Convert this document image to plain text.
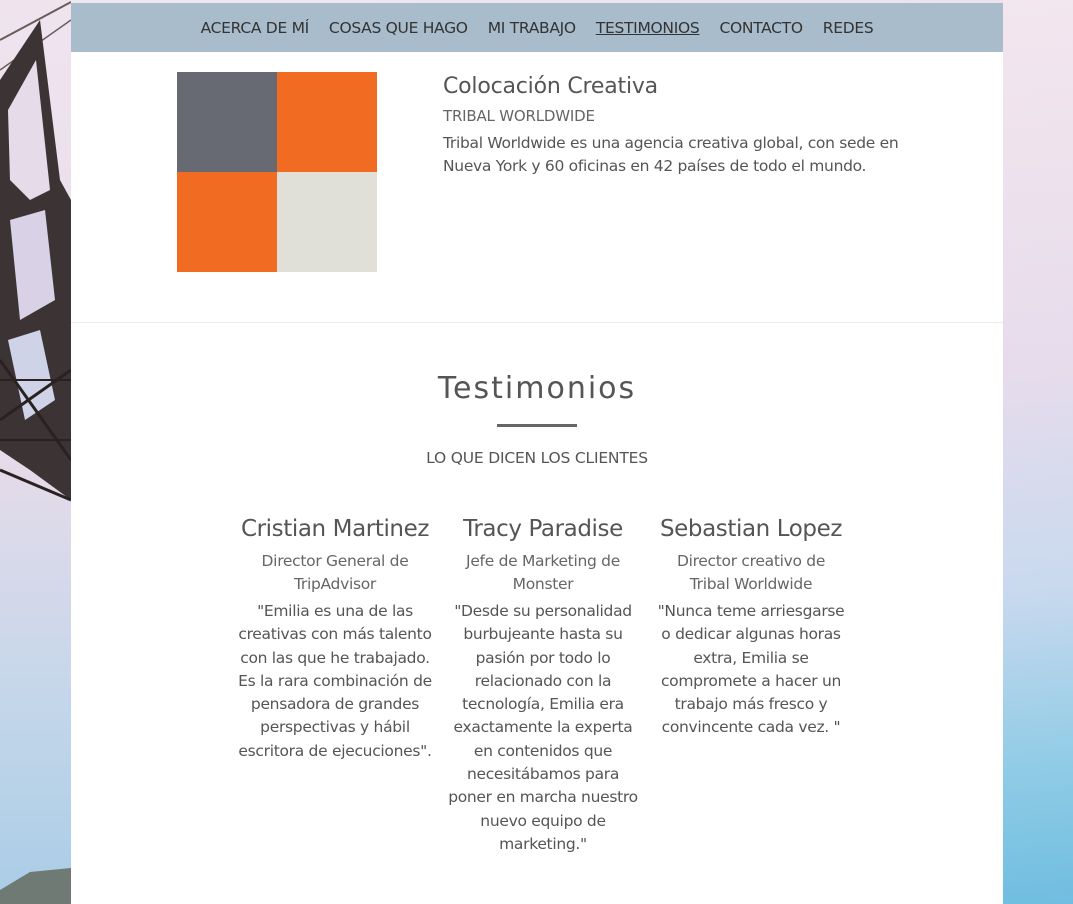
ACERCA DE MÍ	COSAS QUE HAGO	MI TRABAJO	TESTIMONIOS	CONTACTO	REDES
Colocación Creativa

TRIBAL WORLDWIDE

Tribal Worldwide es una agencia creativa global, con sede en Nueva York y 60 oficinas en 42 países de todo el mundo.

Testimonios
LO QUE DICEN LOS CLIENTES
Cristian Martinez

Director General de TripAdvisor

"Emilia es una de las creativas con más talento con las que he trabajado. Es la rara combinación de pensadora de grandes perspectivas y hábil escritora de ejecuciones".

Tracy Paradise

Jefe de Marketing de Monster

"Desde su personalidad burbujeante hasta su pasión por todo lo relacionado con la tecnología, Emilia era exactamente la experta en contenidos que necesitábamos para poner en marcha nuestro nuevo equipo de marketing."

Sebastian Lopez

Director creativo de Tribal Worldwide

"Nunca teme arriesgarse o dedicar algunas horas extra, Emilia se compromete a hacer un trabajo más fresco y convincente cada vez. "
